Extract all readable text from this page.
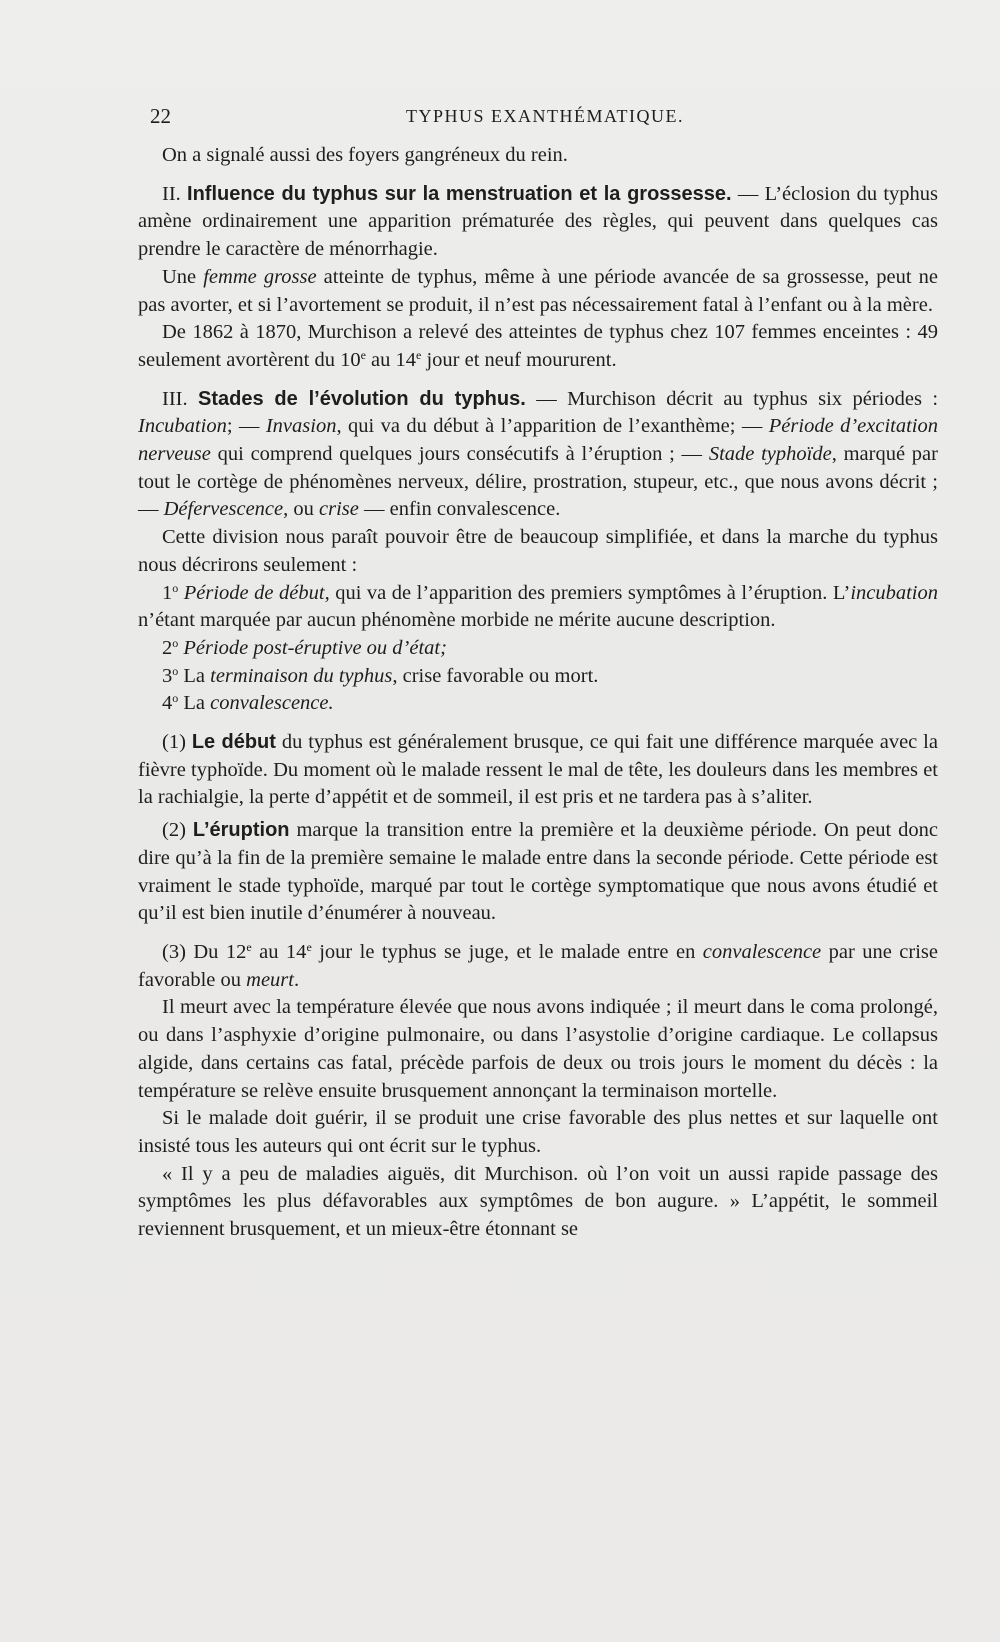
22	TYPHUS EXANTHÉMATIQUE.

On a signalé aussi des foyers gangréneux du rein.

II. Influence du typhus sur la menstruation et la grossesse. — L’éclosion du typhus amène ordinairement une apparition prématurée des règles, qui peuvent dans quelques cas prendre le caractère de ménorrhagie.

Une femme grosse atteinte de typhus, même à une période avancée de sa grossesse, peut ne pas avorter, et si l’avortement se produit, il n’est pas nécessairement fatal à l’enfant ou à la mère.

De 1862 à 1870, Murchison a relevé des atteintes de typhus chez 107 femmes enceintes : 49 seulement avortèrent du 10e au 14e jour et neuf moururent.

III. Stades de l’évolution du typhus. — Murchison décrit au typhus six périodes : Incubation; — Invasion, qui va du début à l’apparition de l’exanthème; — Période d’excitation nerveuse qui comprend quelques jours consécutifs à l’éruption ; — Stade typhoïde, marqué par tout le cortège de phénomènes nerveux, délire, prostration, stupeur, etc., que nous avons décrit ; — Défervescence, ou crise — enfin convalescence.

Cette division nous paraît pouvoir être de beaucoup simplifiée, et dans la marche du typhus nous décrirons seulement :

1$^o$ Période de début, qui va de l’apparition des premiers symptômes à l’éruption. L’incubation n’étant marquée par aucun phénomène morbide ne mérite aucune description.

2$^o$ Période post-éruptive ou d’état;

3$^o$ La terminaison du typhus, crise favorable ou mort.

4$^o$ La convalescence.

(1) Le début du typhus est généralement brusque, ce qui fait une différence marquée avec la fièvre typhoïde. Du moment où le malade ressent le mal de tête, les douleurs dans les membres et la rachialgie, la perte d’appétit et de sommeil, il est pris et ne tardera pas à s’aliter.

(2) L’éruption marque la transition entre la première et la deuxième période. On peut donc dire qu’à la fin de la première semaine le malade entre dans la seconde période. Cette période est vraiment le stade typhoïde, marqué par tout le cortège symptomatique que nous avons étudié et qu’il est bien inutile d’énumérer à nouveau.

(3) Du 12e au 14e jour le typhus se juge, et le malade entre en convalescence par une crise favorable ou meurt.

Il meurt avec la température élevée que nous avons indiquée ; il meurt dans le coma prolongé, ou dans l’asphyxie d’origine pulmonaire, ou dans l’asystolie d’origine cardiaque. Le collapsus algide, dans certains cas fatal, précède parfois de deux ou trois jours le moment du décès : la température se relève ensuite brusquement annonçant la terminaison mortelle.

Si le malade doit guérir, il se produit une crise favorable des plus nettes et sur laquelle ont insisté tous les auteurs qui ont écrit sur le typhus.

« Il y a peu de maladies aiguës, dit Murchison. où l’on voit un aussi rapide passage des symptômes les plus défavorables aux symptômes de bon augure. » L’appétit, le sommeil reviennent brusquement, et un mieux-être étonnant se
